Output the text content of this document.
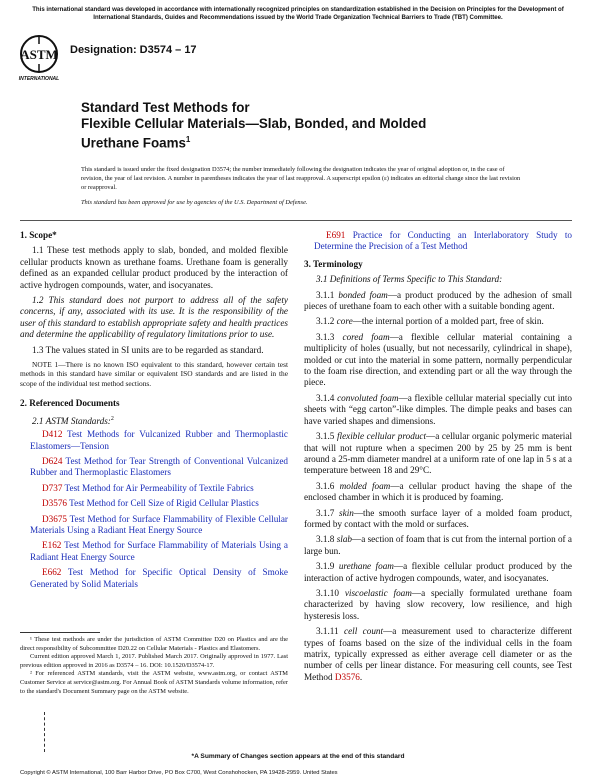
This international standard was developed in accordance with internationally recognized principles on standardization established in the Decision on Principles for the Development of International Standards, Guides and Recommendations issued by the World Trade Organization Technical Barriers to Trade (TBT) Committee.
ASTM
INTERNATIONAL
Designation: D3574 – 17
Standard Test Methods for
Flexible Cellular Materials—Slab, Bonded, and Molded
Urethane Foams$^1$
This standard is issued under the fixed designation D3574; the number immediately following the designation indicates the year of original adoption or, in the case of revision, the year of last revision. A number in parentheses indicates the year of last reapproval. A superscript epsilon (ε) indicates an editorial change since the last revision or reapproval.
This standard has been approved for use by agencies of the U.S. Department of Defense.
1. Scope*

1.1 These test methods apply to slab, bonded, and molded flexible cellular products known as urethane foams. Urethane foam is generally defined as an expanded cellular product produced by the interaction of active hydrogen compounds, water, and isocyanates.

1.2 This standard does not purport to address all of the safety concerns, if any, associated with its use. It is the responsibility of the user of this standard to establish appropriate safety and health practices and determine the applicability of regulatory limitations prior to use.

1.3 The values stated in SI units are to be regarded as standard.

NOTE 1—There is no known ISO equivalent to this standard, however certain test methods in this standard have similar or equivalent ISO standards and are listed in the scope of the individual test method sections.

2. Referenced Documents

2.1 ASTM Standards:$^2$

D412 Test Methods for Vulcanized Rubber and Thermoplastic Elastomers—Tension

D624 Test Method for Tear Strength of Conventional Vulcanized Rubber and Thermoplastic Elastomers

D737 Test Method for Air Permeability of Textile Fabrics

D3576 Test Method for Cell Size of Rigid Cellular Plastics

D3675 Test Method for Surface Flammability of Flexible Cellular Materials Using a Radiant Heat Energy Source

E162 Test Method for Surface Flammability of Materials Using a Radiant Heat Energy Source

E662 Test Method for Specific Optical Density of Smoke Generated by Solid Materials

E691 Practice for Conducting an Interlaboratory Study to Determine the Precision of a Test Method

3. Terminology

3.1 Definitions of Terms Specific to This Standard:

3.1.1 bonded foam—a product produced by the adhesion of small pieces of urethane foam to each other with a suitable bonding agent.

3.1.2 core—the internal portion of a molded part, free of skin.

3.1.3 cored foam—a flexible cellular material containing a multiplicity of holes (usually, but not necessarily, cylindrical in shape), molded or cut into the material in some pattern, normally perpendicular to the foam rise direction, and extending part or all the way through the piece.

3.1.4 convoluted foam—a flexible cellular material specially cut into sheets with “egg carton”-like dimples. The dimple peaks and bases can have varied shapes and dimensions.

3.1.5 flexible cellular product—a cellular organic polymeric material that will not rupture when a specimen 200 by 25 by 25 mm is bent around a 25-mm diameter mandrel at a uniform rate of one lap in 5 s at a temperature between 18 and 29°C.

3.1.6 molded foam—a cellular product having the shape of the enclosed chamber in which it is produced by foaming.

3.1.7 skin—the smooth surface layer of a molded foam product, formed by contact with the mold or surfaces.

3.1.8 slab—a section of foam that is cut from the internal portion of a large bun.

3.1.9 urethane foam—a flexible cellular product produced by the interaction of active hydrogen compounds, water, and isocyanates.

3.1.10 viscoelastic foam—a specially formulated urethane foam characterized by having slow recovery, low resilience, and high hysteresis loss.

3.1.11 cell count—a measurement used to characterize different types of foams based on the size of the individual cells in the foam matrix, typically expressed as either average cell diameter or as the number of cells per linear distance. For measuring cell counts, see Test Method D3576.

¹ These test methods are under the jurisdiction of ASTM Committee D20 on Plastics and are the direct responsibility of Subcommittee D20.22 on Cellular Materials - Plastics and Elastomers.

Current edition approved March 1, 2017. Published March 2017. Originally approved in 1977. Last previous edition approved in 2016 as D3574 – 16. DOI: 10.1520/D3574-17.

² For referenced ASTM standards, visit the ASTM website, www.astm.org, or contact ASTM Customer Service at service@astm.org. For Annual Book of ASTM Standards volume information, refer to the standard's Document Summary page on the ASTM website.

*A Summary of Changes section appears at the end of this standard
Copyright © ASTM International, 100 Barr Harbor Drive, PO Box C700, West Conshohocken, PA 19428-2959. United States
